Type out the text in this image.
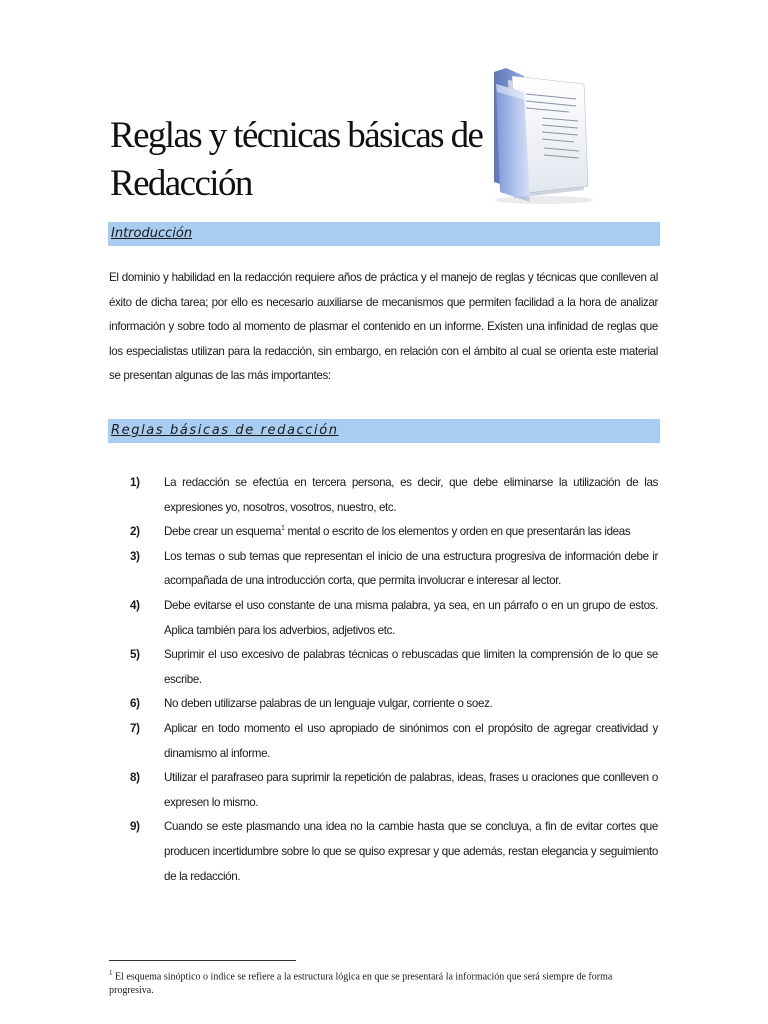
Reglas y técnicas básicas de
Redacción
Introducción

El dominio y habilidad en la redacción requiere años de práctica y el manejo de reglas y técnicas que conlleven al éxito de dicha tarea; por ello es necesario auxiliarse de mecanismos que permiten facilidad a la hora de analizar información y sobre todo al momento de plasmar el contenido en un informe. Existen una infinidad de reglas que los especialistas utilizan para la redacción, sin embargo, en relación con el ámbito al cual se orienta este material se presentan algunas de las más importantes:

Reglas básicas de redacción
1)	La redacción se efectúa en tercera persona, es decir, que debe eliminarse la utilización de las expresiones yo, nosotros, vosotros, nuestro, etc.
2)	Debe crear un esquema$^1$ mental o escrito de los elementos y orden en que presentarán las ideas
3)	Los temas o sub temas que representan el inicio de una estructura progresiva de información debe ir acompañada de una introducción corta, que permita involucrar e interesar al lector.
4)	Debe evitarse el uso constante de una misma palabra, ya sea, en un párrafo o en un grupo de estos. Aplica también para los adverbios, adjetivos etc.
5)	Suprimir el uso excesivo de palabras técnicas o rebuscadas que limiten la comprensión de lo que se escribe.
6)	No deben utilizarse palabras de un lenguaje vulgar, corriente o soez.
7)	Aplicar en todo momento el uso apropiado de sinónimos con el propósito de agregar creatividad y dinamismo al informe.
8)	Utilizar el parafraseo para suprimir la repetición de palabras, ideas, frases u oraciones que conlleven o expresen lo mismo.
9)	Cuando se este plasmando una idea no la cambie hasta que se concluya, a fin de evitar cortes que producen incertidumbre sobre lo que se quiso expresar y que además, restan elegancia y seguimiento de la redacción.

$^1$ El esquema sinóptico o índice se refiere a la estructura lógica en que se presentará la información que será siempre de forma progresiva.
